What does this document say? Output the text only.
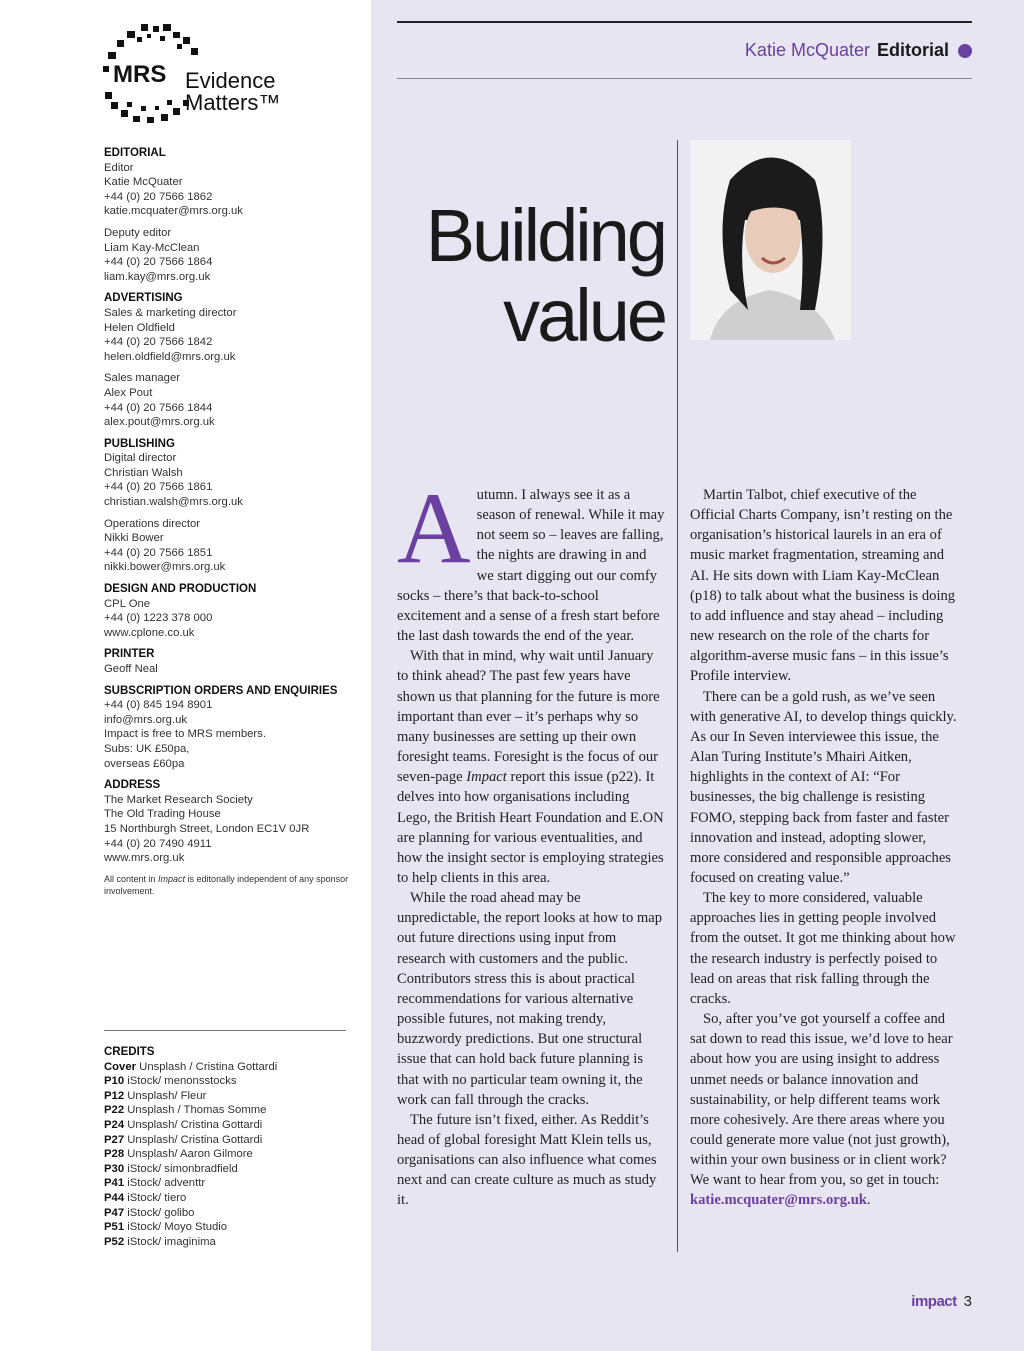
MRS Evidence
Matters™
EDITORIAL
Editor
Katie McQuater
+44 (0) 20 7566 1862
katie.mcquater@mrs.org.uk
Deputy editor
Liam Kay-McClean
+44 (0) 20 7566 1864
liam.kay@mrs.org.uk
ADVERTISING
Sales & marketing director
Helen Oldfield
+44 (0) 20 7566 1842
helen.oldfield@mrs.org.uk
Sales manager
Alex Pout
+44 (0) 20 7566 1844
alex.pout@mrs.org.uk
PUBLISHING
Digital director
Christian Walsh
+44 (0) 20 7566 1861
christian.walsh@mrs.org.uk
Operations director
Nikki Bower
+44 (0) 20 7566 1851
nikki.bower@mrs.org.uk
DESIGN AND PRODUCTION
CPL One
+44 (0) 1223 378 000
www.cplone.co.uk
PRINTER
Geoff Neal
SUBSCRIPTION ORDERS AND ENQUIRIES
+44 (0) 845 194 8901
info@mrs.org.uk
Impact is free to MRS members.
Subs: UK £50pa,
overseas £60pa
ADDRESS
The Market Research Society
The Old Trading House
15 Northburgh Street, London EC1V 0JR
+44 (0) 20 7490 4911
www.mrs.org.uk
All content in Impact is editorially independent of any sponsor involvement.
CREDITS
Cover Unsplash / Cristina Gottardi
P10 iStock/ menonsstocks
P12 Unsplash/ Fleur
P22 Unsplash / Thomas Somme
P24 Unsplash/ Cristina Gottardi
P27 Unsplash/ Cristina Gottardi
P28 Unsplash/ Aaron Gilmore
P30 iStock/ simonbradfield
P41 iStock/ adventtr
P44 iStock/ tiero
P47 iStock/ golibo
P51 iStock/ Moyo Studio
P52 iStock/ imaginima
Katie McQuater Editorial
Building
value

Autumn. I always see it as a season of renewal. While it may not seem so – leaves are falling, the nights are drawing in and we start digging out our comfy socks – there’s that back-to-school excitement and a sense of a fresh start before the last dash towards the end of the year.

With that in mind, why wait until January to think ahead? The past few years have shown us that planning for the future is more important than ever – it’s perhaps why so many businesses are setting up their own foresight teams. Foresight is the focus of our seven-page Impact report this issue (p22). It delves into how organisations including Lego, the British Heart Foundation and E.ON are planning for various eventualities, and how the insight sector is employing strategies to help clients in this area.

While the road ahead may be unpredictable, the report looks at how to map out future directions using input from research with customers and the public. Contributors stress this is about practical recommendations for various alternative possible futures, not making trendy, buzzwordy predictions. But one structural issue that can hold back future planning is that with no particular team owning it, the work can fall through the cracks.

The future isn’t fixed, either. As Reddit’s head of global foresight Matt Klein tells us, organisations can also influence what comes next and can create culture as much as study it.

Martin Talbot, chief executive of the Official Charts Company, isn’t resting on the organisation’s historical laurels in an era of music market fragmentation, streaming and AI. He sits down with Liam Kay-McClean (p18) to talk about what the business is doing to add influence and stay ahead – including new research on the role of the charts for algorithm-averse music fans – in this issue’s Profile interview.

There can be a gold rush, as we’ve seen with generative AI, to develop things quickly. As our In Seven interviewee this issue, the Alan Turing Institute’s Mhairi Aitken, highlights in the context of AI: “For businesses, the big challenge is resisting FOMO, stepping back from faster and faster innovation and instead, adopting slower, more considered and responsible approaches focused on creating value.”

The key to more considered, valuable approaches lies in getting people involved from the outset. It got me thinking about how the research industry is perfectly poised to lead on areas that risk falling through the cracks.

So, after you’ve got yourself a coffee and sat down to read this issue, we’d love to hear about how you are using insight to address unmet needs or balance innovation and sustainability, or help different teams work more cohesively. Are there areas where you could generate more value (not just growth), within your own business or in client work? We want to hear from you, so get in touch: katie.mcquater@mrs.org.uk.

impact 3
